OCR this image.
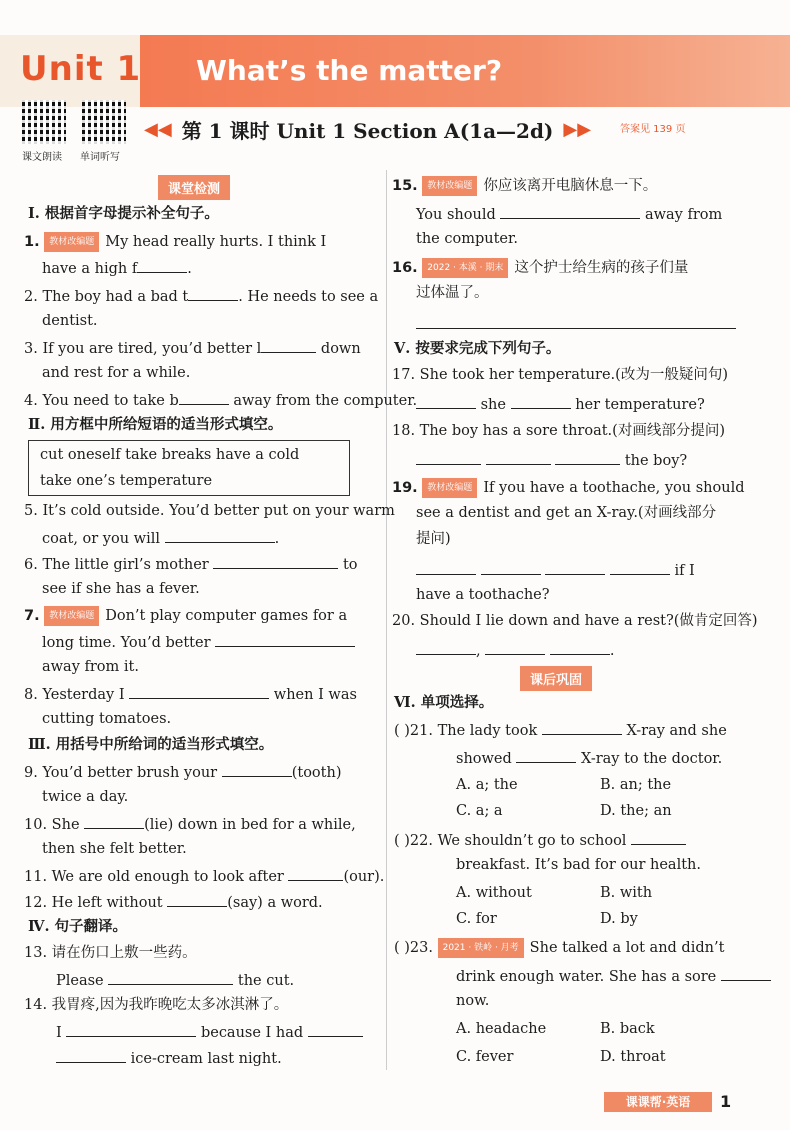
Unit 1 What’s the matter?
课文朗读 单词听写
◀◀ 第 1 课时 Unit 1 Section A(1a—2d) ▶▶	答案见 139 页
课堂检测
Ⅰ. 根据首字母提示补全句子。
1. 教材改编题 My head really hurts. I think I
have a high f	.
2. The boy had a bad t	. He needs to see a
dentist.
3. If you are tired, you’d better l	down
and rest for a while.
4. You need to take b	away from the computer.
Ⅱ. 用方框中所给短语的适当形式填空。
cut oneself take breaks have a cold
take one’s temperature
5. It’s cold outside. You’d better put on your warm
coat, or you will	.
6. The little girl’s mother	to
see if she has a fever.
7. 教材改编题 Don’t play computer games for a
long time. You’d better
away from it.
8. Yesterday I	when I was
cutting tomatoes.
Ⅲ. 用括号中所给词的适当形式填空。
9. You’d better brush your	(tooth)
twice a day.
10. She	(lie) down in bed for a while,
then she felt better.
11. We are old enough to look after	(our).
12. He left without	(say) a word.
Ⅳ. 句子翻译。
13. 请在伤口上敷一些药。
Please	the cut.
14. 我胃疼,因为我昨晚吃太多冰淇淋了。
I	because I had
ice-cream last night.
15. 教材改编题 你应该离开电脑休息一下。
You should	away from
the computer.
16. 2022 · 本溪 · 期末 这个护士给生病的孩子们量
过体温了。
Ⅴ. 按要求完成下列句子。
17. She took her temperature.(改为一般疑问句)
she	her temperature?
18. The boy has a sore throat.(对画线部分提问)
the boy?
19. 教材改编题 If you have a toothache, you should
see a dentist and get an X-ray.(对画线部分
提问)
if I
have a toothache?
20. Should I lie down and have a rest?(做肯定回答)
,	.
课后巩固
Ⅵ. 单项选择。
( )21. The lady took	X-ray and she
showed	X-ray to the doctor.
A. a; the	B. an; the
C. a; a	D. the; an
( )22. We shouldn’t go to school
breakfast. It’s bad for our health.
A. without	B. with
C. for	D. by
( )23. 2021 · 铁岭 · 月考 She talked a lot and didn’t
drink enough water. She has a sore
now.
A. headache	B. back
C. fever	D. throat
课课帮·英语	1
